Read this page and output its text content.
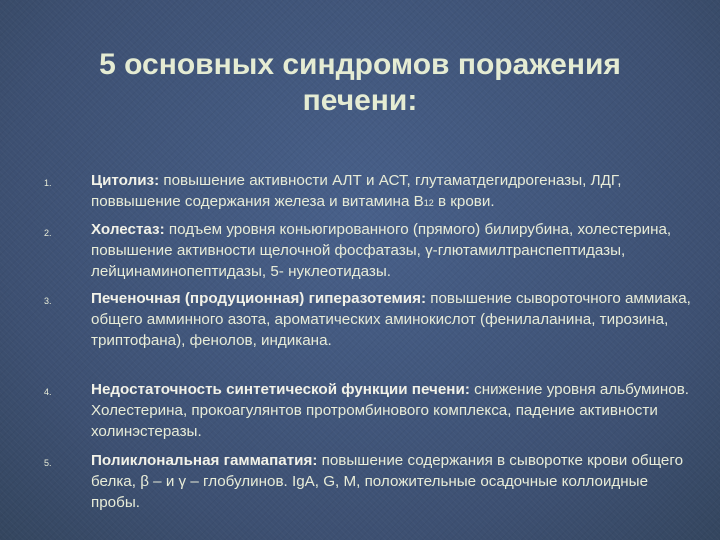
5 основных синдромов поражения
печени:
1.	Цитолиз: повышение активности АЛТ и АСТ, глутаматдегидрогеназы, ЛДГ, поввышение содержания железа и витамина В12 в крови.
2.	Холестаз: подъем уровня коньюгированного (прямого) билирубина, холестерина, повышение активности щелочной фосфатазы, γ-глютамилтранспептидазы, лейцинаминопептидазы, 5- нуклеотидазы.
3.	Печеночная (продуционная) гиперазотемия: повышение сывороточного аммиака, общего амминного азота, ароматических аминокислот (фенилаланина, тирозина, триптофана), фенолов, индикана.
4.	Недостаточность синтетической функции печени: снижение уровня альбуминов. Холестерина, прокоагулянтов протромбинового комплекса, падение активности холинэстеразы.
5.	Поликлональная гаммапатия: повышение содержания в сыворотке крови общего белка, β – и γ – глобулинов. IgA, G, M, положительные осадочные коллоидные пробы.
